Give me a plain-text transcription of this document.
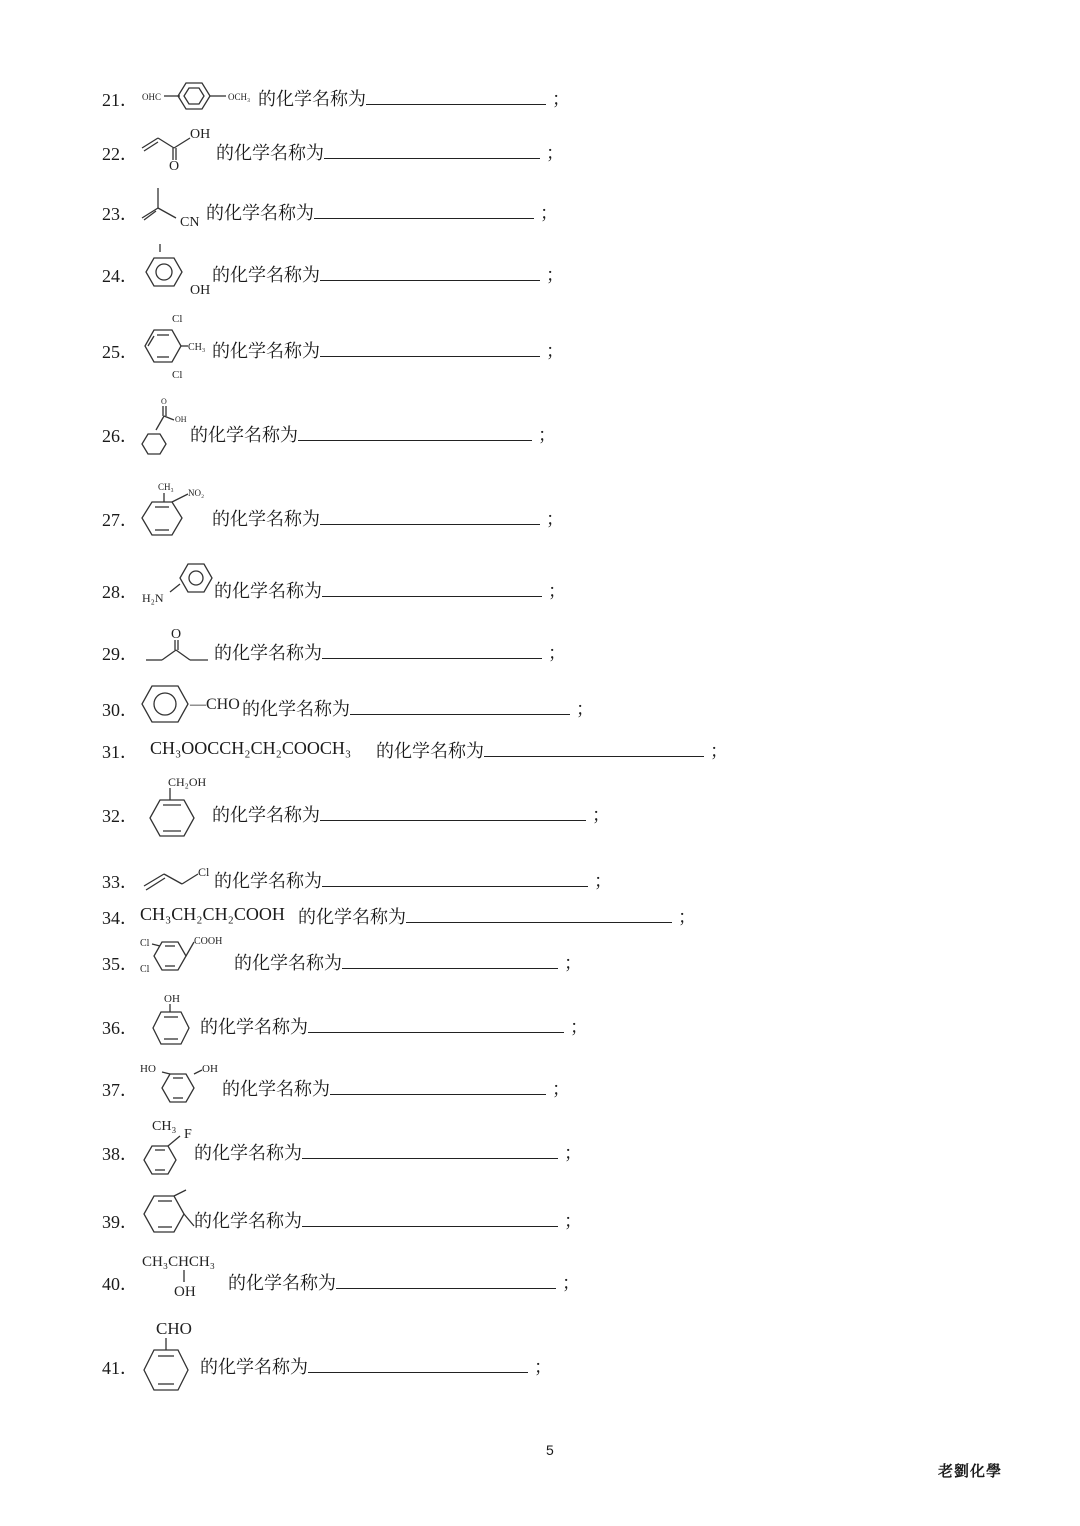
21． OHC	OCH₃ 的化学名称为	；
22．
OH
O
的化学名称为	；
23．	CN 的化学名称为	；
24．
OH
的化学名称为	；
25．
Cl
CH₃
Cl
的化学名称为	；
26．
O
OH
的化学名称为	；
27．
CH₃
NO₂
的化学名称为	；
28． H₂N	的化学名称为	；
29．
O
的化学名称为	；
30．	—CHO 的化学名称为	；
31． CH₃OOCCH₂CH₂COOCH₃ 的化学名称为	；
32．
CH₂OH
的化学名称为	；
33．	Cl 的化学名称为	；
34． CH₃CH₂CH₂COOH 的化学名称为	；
35．
Cl	COOH
Cl	的化学名称为	；
36．
OH
的化学名称为	；
37．
HO	OH
的化学名称为	；
38．
CH₃
F
的化学名称为	；
39．	的化学名称为	；
40．
CH₃CHCH₃
OH 的化学名称为	；
41．
CHO
的化学名称为	；
5
老劉化學
